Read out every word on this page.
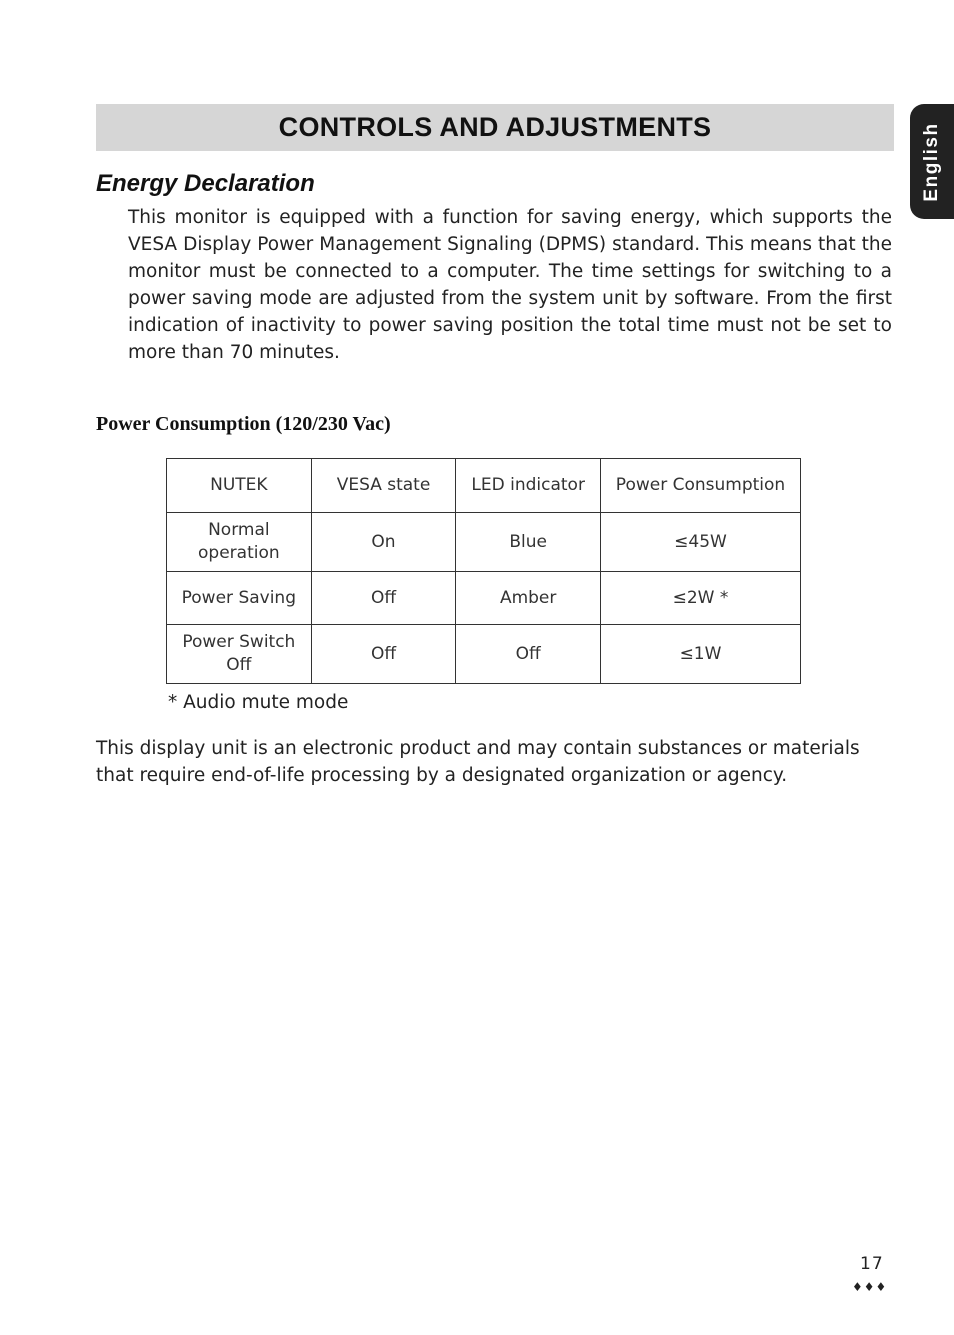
CONTROLS AND ADJUSTMENTS	English
Energy Declaration

This monitor is equipped with a function for saving energy, which supports the VESA Display Power Management Signaling (DPMS) standard. This means that the monitor must be connected to a computer. The time settings for switching to a power saving mode are adjusted from the system unit by software. From the first indication of inactivity to power saving position the total time must not be set to more than 70 minutes.

Power Consumption (120/230 Vac)
NUTEK	VESA state	LED indicator	Power Consumption
Normal operation	On	Blue	≤45W
Power Saving	Off	Amber	≤2W *
Power Switch Off	Off	Off	≤1W
* Audio mute mode

This display unit is an electronic product and may contain substances or materials that require end-of-life processing by a designated organization or agency.

17
♦♦♦
